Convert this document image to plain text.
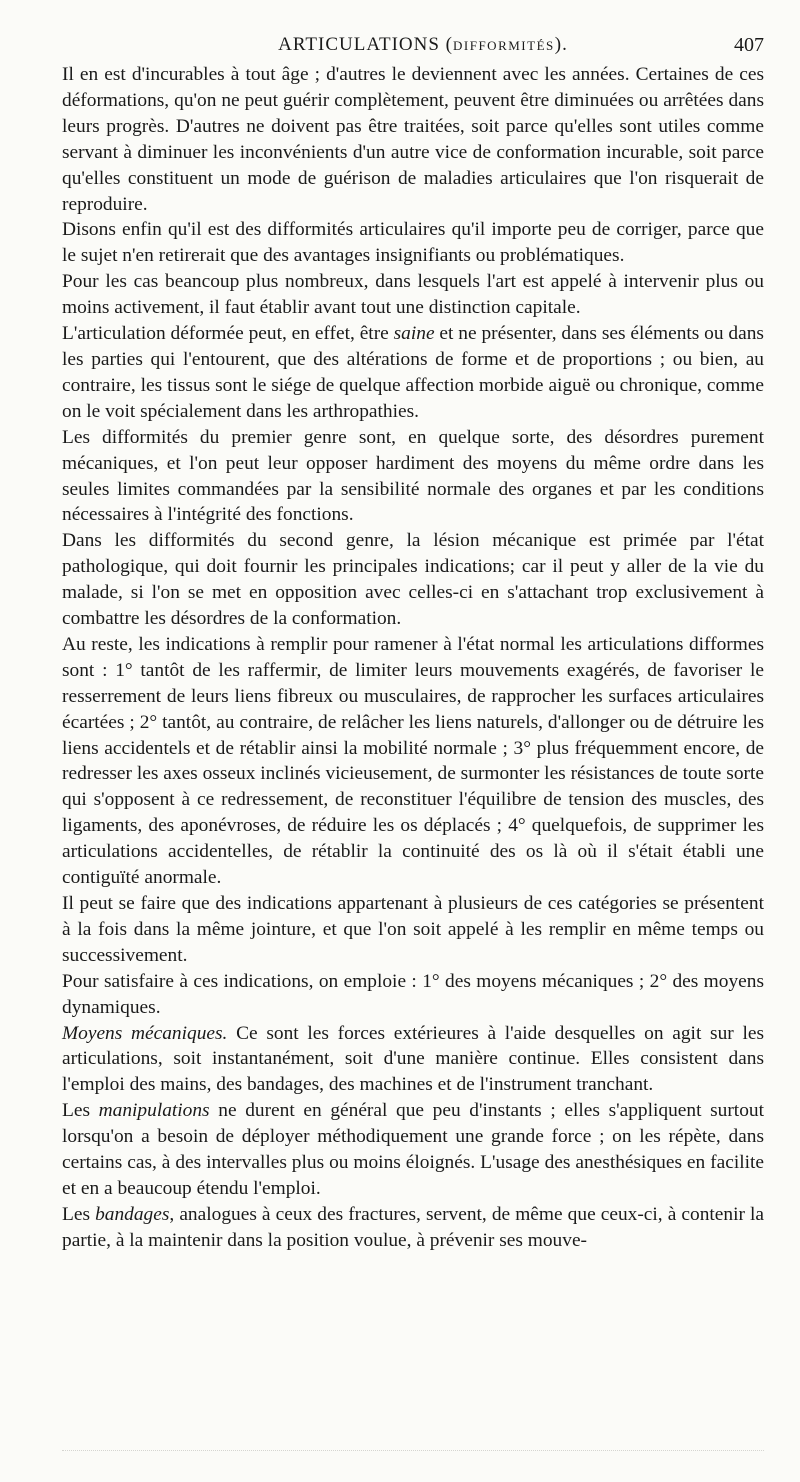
ARTICULATIONS (DIFFORMITÉS).	407

Il en est d'incurables à tout âge ; d'autres le deviennent avec les années. Certaines de ces déformations, qu'on ne peut guérir complètement, peuvent être diminuées ou arrêtées dans leurs progrès. D'autres ne doivent pas être traitées, soit parce qu'elles sont utiles comme servant à diminuer les inconvénients d'un autre vice de conformation incurable, soit parce qu'elles constituent un mode de guérison de maladies articulaires que l'on risquerait de reproduire.

Disons enfin qu'il est des difformités articulaires qu'il importe peu de corriger, parce que le sujet n'en retirerait que des avantages insignifiants ou problématiques.

Pour les cas beancoup plus nombreux, dans lesquels l'art est appelé à intervenir plus ou moins activement, il faut établir avant tout une distinction capitale.

L'articulation déformée peut, en effet, être saine et ne présenter, dans ses éléments ou dans les parties qui l'entourent, que des altérations de forme et de proportions ; ou bien, au contraire, les tissus sont le siége de quelque affection morbide aiguë ou chronique, comme on le voit spécialement dans les arthropathies.

Les difformités du premier genre sont, en quelque sorte, des désordres purement mécaniques, et l'on peut leur opposer hardiment des moyens du même ordre dans les seules limites commandées par la sensibilité normale des organes et par les conditions nécessaires à l'intégrité des fonctions.

Dans les difformités du second genre, la lésion mécanique est primée par l'état pathologique, qui doit fournir les principales indications; car il peut y aller de la vie du malade, si l'on se met en opposition avec celles-ci en s'attachant trop exclusivement à combattre les désordres de la conformation.

Au reste, les indications à remplir pour ramener à l'état normal les articulations difformes sont : 1° tantôt de les raffermir, de limiter leurs mouvements exagérés, de favoriser le resserrement de leurs liens fibreux ou musculaires, de rapprocher les surfaces articulaires écartées ; 2° tantôt, au contraire, de relâcher les liens naturels, d'allonger ou de détruire les liens accidentels et de rétablir ainsi la mobilité normale ; 3° plus fréquemment encore, de redresser les axes osseux inclinés vicieusement, de surmonter les résistances de toute sorte qui s'opposent à ce redressement, de reconstituer l'équilibre de tension des muscles, des ligaments, des aponévroses, de réduire les os déplacés ; 4° quelquefois, de supprimer les articulations accidentelles, de rétablir la continuité des os là où il s'était établi une contiguïté anormale.

Il peut se faire que des indications appartenant à plusieurs de ces catégories se présentent à la fois dans la même jointure, et que l'on soit appelé à les remplir en même temps ou successivement.

Pour satisfaire à ces indications, on emploie : 1° des moyens mécaniques ; 2° des moyens dynamiques.

Moyens mécaniques. Ce sont les forces extérieures à l'aide desquelles on agit sur les articulations, soit instantanément, soit d'une manière continue. Elles consistent dans l'emploi des mains, des bandages, des machines et de l'instrument tranchant.

Les manipulations ne durent en général que peu d'instants ; elles s'appliquent surtout lorsqu'on a besoin de déployer méthodiquement une grande force ; on les répète, dans certains cas, à des intervalles plus ou moins éloignés. L'usage des anesthésiques en facilite et en a beaucoup étendu l'emploi.

Les bandages, analogues à ceux des fractures, servent, de même que ceux-ci, à contenir la partie, à la maintenir dans la position voulue, à prévenir ses mouve-
